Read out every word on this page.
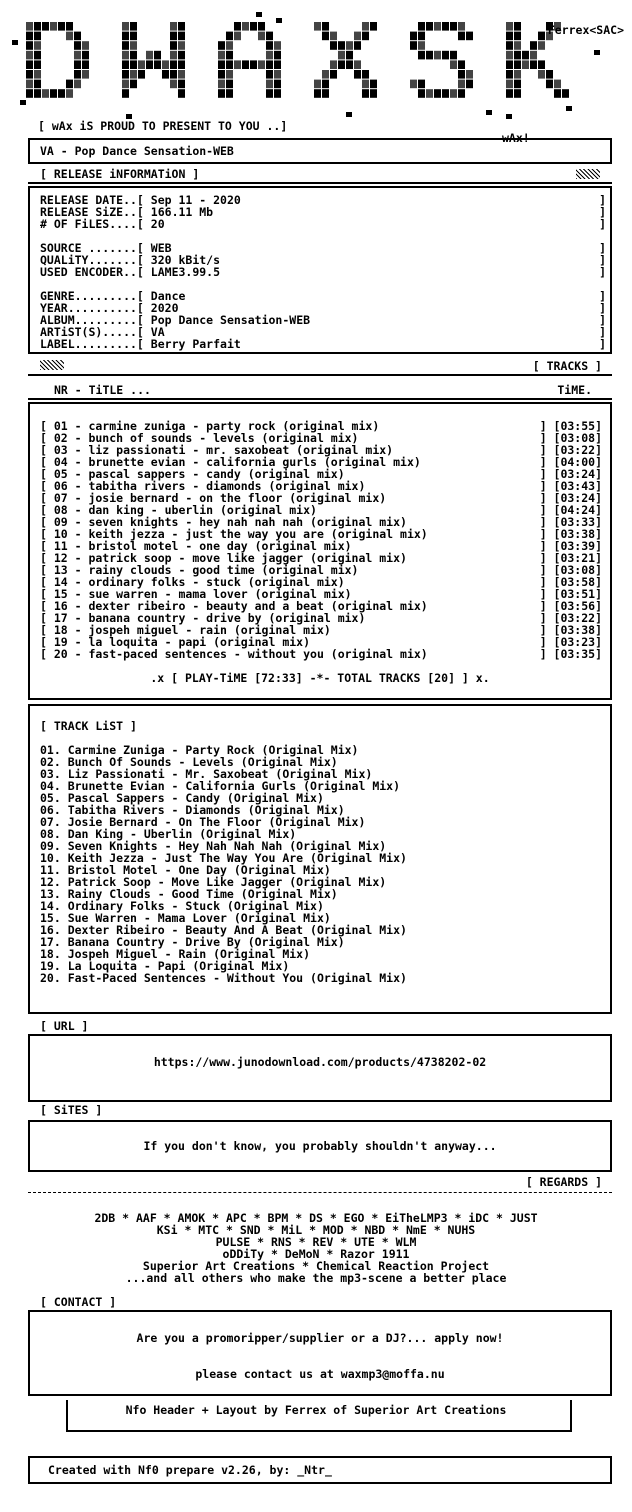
Ferrex<SAC>
[ wAx iS PROUD TO PRESENT TO YOU ..]
wAx!
VA - Pop Dance Sensation-WEB
[ RELEASE iNFORMATiON ]
RELEASE DATE..[ Sep 11 - 2020	]
RELEASE SiZE..[ 166.11 Mb	]
# OF FiLES....[ 20	]

SOURCE .......[ WEB	]
QUALiTY.......[ 320 kBit/s	]
USED ENCODER..[ LAME3.99.5	]

GENRE.........[ Dance	]
YEAR..........[ 2020	]
ALBUM.........[ Pop Dance Sensation-WEB	]
ARTiST(S).....[ VA	]
LABEL.........[ Berry Parfait	]
[ TRACKS ]
NR - TiTLE ...	TiME.
[ 01 - carmine zuniga - party rock (original mix)	] [03:55]
[ 02 - bunch of sounds - levels (original mix)	] [03:08]
[ 03 - liz passionati - mr. saxobeat (original mix)	] [03:22]
[ 04 - brunette evian - california gurls (original mix)	] [04:00]
[ 05 - pascal sappers - candy (original mix)	] [03:24]
[ 06 - tabitha rivers - diamonds (original mix)	] [03:43]
[ 07 - josie bernard - on the floor (original mix)	] [03:24]
[ 08 - dan king - uberlin (original mix)	] [04:24]
[ 09 - seven knights - hey nah nah nah (original mix)	] [03:33]
[ 10 - keith jezza - just the way you are (original mix)	] [03:38]
[ 11 - bristol motel - one day (original mix)	] [03:39]
[ 12 - patrick soop - move like jagger (original mix)	] [03:21]
[ 13 - rainy clouds - good time (original mix)	] [03:08]
[ 14 - ordinary folks - stuck (original mix)	] [03:58]
[ 15 - sue warren - mama lover (original mix)	] [03:51]
[ 16 - dexter ribeiro - beauty and a beat (original mix)	] [03:56]
[ 17 - banana country - drive by (original mix)	] [03:22]
[ 18 - jospeh miguel - rain (original mix)	] [03:38]
[ 19 - la loquita - papi (original mix)	] [03:23]
[ 20 - fast-paced sentences - without you (original mix)	] [03:35]
.x [ PLAY-TiME [72:33] -*- TOTAL TRACKS [20] ] x.
[ TRACK LiST ]
01. Carmine Zuniga - Party Rock (Original Mix)
02. Bunch Of Sounds - Levels (Original Mix)
03. Liz Passionati - Mr. Saxobeat (Original Mix)
04. Brunette Evian - California Gurls (Original Mix)
05. Pascal Sappers - Candy (Original Mix)
06. Tabitha Rivers - Diamonds (Original Mix)
07. Josie Bernard - On The Floor (Original Mix)
08. Dan King - Uberlin (Original Mix)
09. Seven Knights - Hey Nah Nah Nah (Original Mix)
10. Keith Jezza - Just The Way You Are (Original Mix)
11. Bristol Motel - One Day (Original Mix)
12. Patrick Soop - Move Like Jagger (Original Mix)
13. Rainy Clouds - Good Time (Original Mix)
14. Ordinary Folks - Stuck (Original Mix)
15. Sue Warren - Mama Lover (Original Mix)
16. Dexter Ribeiro - Beauty And A Beat (Original Mix)
17. Banana Country - Drive By (Original Mix)
18. Jospeh Miguel - Rain (Original Mix)
19. La Loquita - Papi (Original Mix)
20. Fast-Paced Sentences - Without You (Original Mix)
[ URL ]
https://www.junodownload.com/products/4738202-02
[ SiTES ]
If you don't know, you probably shouldn't anyway...
[ REGARDS ]
2DB * AAF * AMOK * APC * BPM * DS * EGO * EiTheLMP3 * iDC * JUST
KSi * MTC * SND * MiL * MOD * NBD * NmE * NUHS
PULSE * RNS * REV * UTE * WLM
oDDiTy * DeMoN * Razor 1911
Superior Art Creations * Chemical Reaction Project
...and all others who make the mp3-scene a better place
[ CONTACT ]
Are you a promoripper/supplier or a DJ?... apply now!
please contact us at waxmp3@moffa.nu
Nfo Header + Layout by Ferrex of Superior Art Creations
Created with Nf0 prepare v2.26, by: _Ntr_
